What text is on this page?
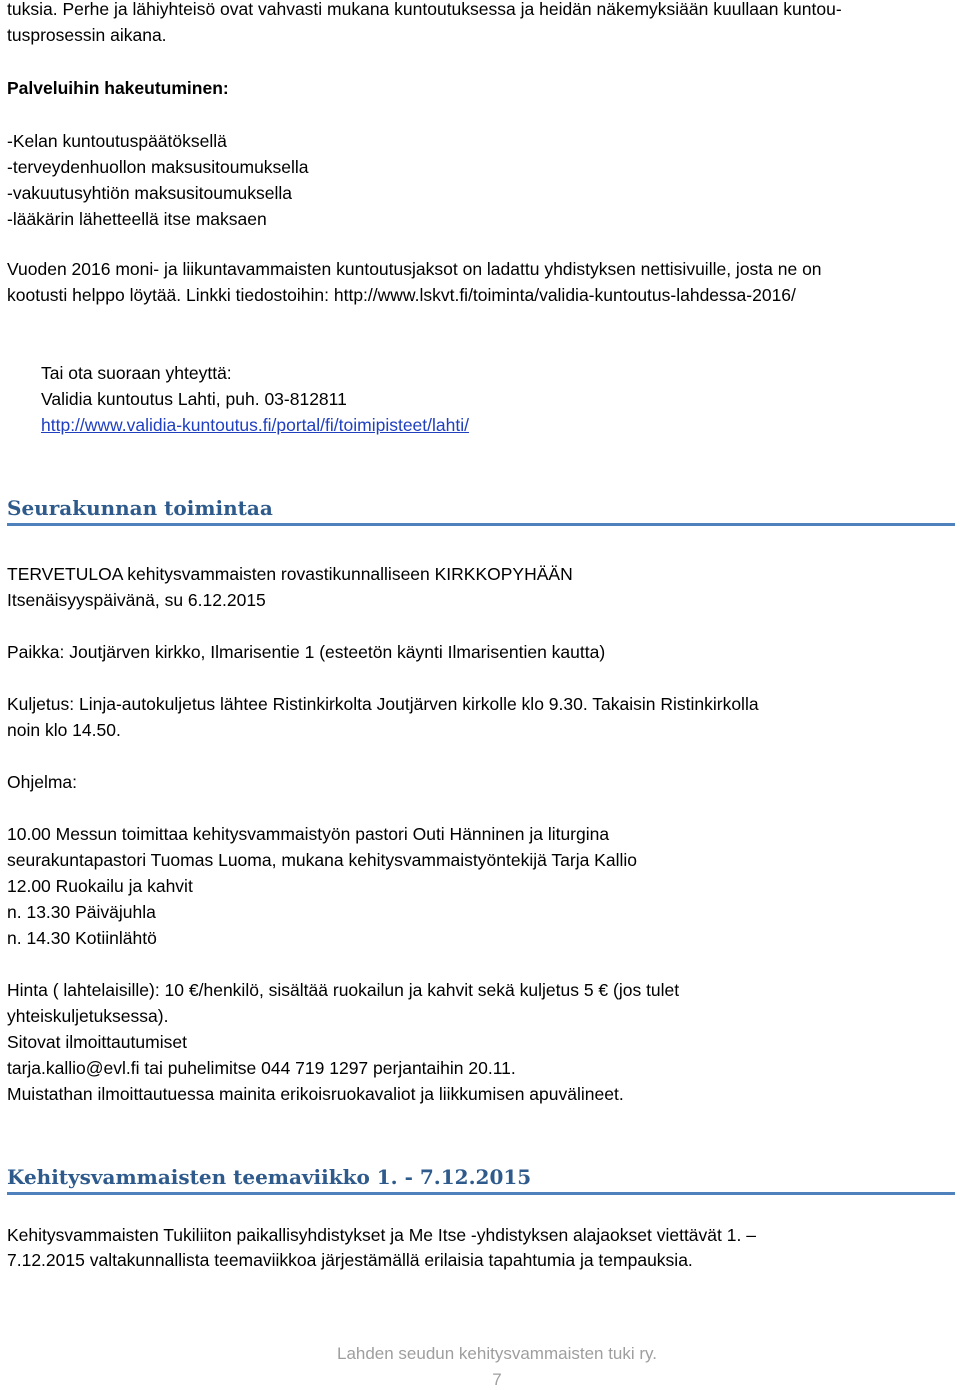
tuksia. Perhe ja lähiyhteisö ovat vahvasti mukana kuntoutuksessa ja heidän näkemyksiään kuullaan kuntou-
tusprosessin aikana.
Palveluihin hakeutuminen:
-Kelan kuntoutuspäätöksellä
-terveydenhuollon maksusitoumuksella
-vakuutusyhtiön maksusitoumuksella
-lääkärin lähetteellä itse maksaen
Vuoden 2016 moni- ja liikuntavammaisten kuntoutusjaksot on ladattu yhdistyksen nettisivuille, josta ne on
kootusti helppo löytää. Linkki tiedostoihin: http://www.lskvt.fi/toiminta/validia-kuntoutus-lahdessa-2016/
Tai ota suoraan yhteyttä:
Validia kuntoutus Lahti, puh. 03-812811
http://www.validia-kuntoutus.fi/portal/fi/toimipisteet/lahti/
Seurakunnan toimintaa
TERVETULOA kehitysvammaisten rovastikunnalliseen KIRKKOPYHÄÄN
Itsenäisyyspäivänä, su 6.12.2015
Paikka: Joutjärven kirkko, Ilmarisentie 1 (esteetön käynti Ilmarisentien kautta)
Kuljetus: Linja-autokuljetus lähtee Ristinkirkolta Joutjärven kirkolle klo 9.30. Takaisin Ristinkirkolla
noin klo 14.50.
Ohjelma:
10.00 Messun toimittaa kehitysvammaistyön pastori Outi Hänninen ja liturgina
seurakuntapastori Tuomas Luoma, mukana kehitysvammaistyöntekijä Tarja Kallio
12.00 Ruokailu ja kahvit
n. 13.30 Päiväjuhla
n. 14.30 Kotiinlähtö
Hinta ( lahtelaisille): 10 €/henkilö, sisältää ruokailun ja kahvit sekä kuljetus 5 € (jos tulet
yhteiskuljetuksessa).
Sitovat ilmoittautumiset
tarja.kallio@evl.fi tai puhelimitse 044 719 1297 perjantaihin 20.11.
Muistathan ilmoittautuessa mainita erikoisruokavaliot ja liikkumisen apuvälineet.
Kehitysvammaisten teemaviikko 1. - 7.12.2015
Kehitysvammaisten Tukiliiton paikallisyhdistykset ja Me Itse -yhdistyksen alajaokset viettävät 1. –
7.12.2015 valtakunnallista teemaviikkoa järjestämällä erilaisia tapahtumia ja tempauksia.
Lahden seudun kehitysvammaisten tuki ry.
7
